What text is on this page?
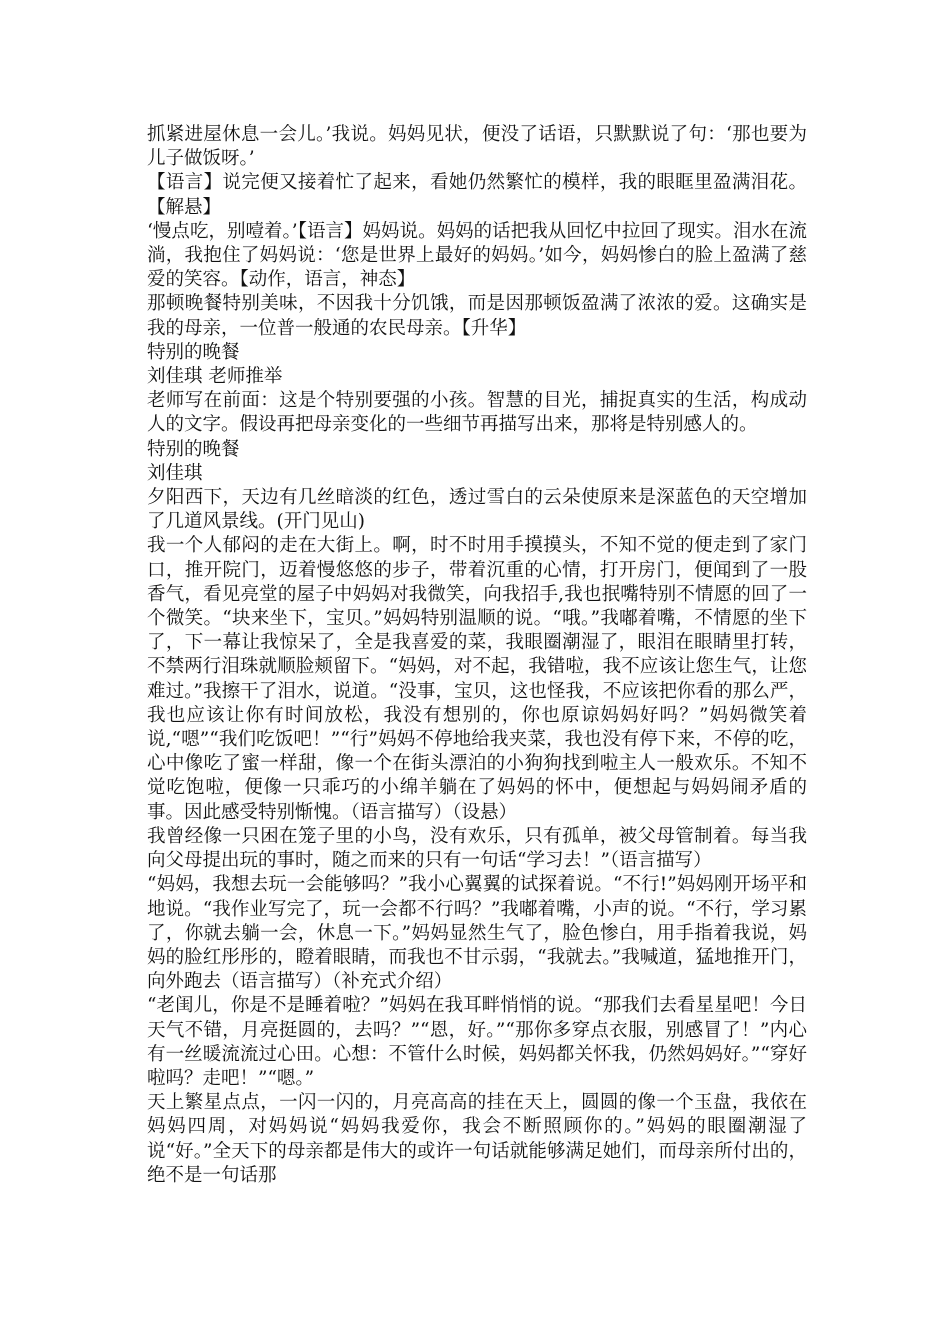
抓紧进屋休息一会儿。’我说。妈妈见状，便没了话语，只默默说了句：‘那也要为儿子做饭呀。’

【语言】说完便又接着忙了起来，看她仍然繁忙的模样，我的眼眶里盈满泪花。【解悬】

‘慢点吃，别噎着。’【语言】妈妈说。妈妈的话把我从回忆中拉回了现实。泪水在流淌，我抱住了妈妈说：‘您是世界上最好的妈妈。’如今，妈妈惨白的脸上盈满了慈爱的笑容。【动作，语言，神态】

那顿晚餐特别美味，不因我十分饥饿，而是因那顿饭盈满了浓浓的爱。这确实是我的母亲，一位普一般通的农民母亲。【升华】

特别的晚餐

刘佳琪 老师推举

老师写在前面：这是个特别要强的小孩。智慧的目光，捕捉真实的生活，构成动人的文字。假设再把母亲变化的一些细节再描写出来，那将是特别感人的。

特别的晚餐

刘佳琪

夕阳西下，天边有几丝暗淡的红色，透过雪白的云朵使原来是深蓝色的天空增加了几道风景线。(开门见山)

我一个人郁闷的走在大街上。啊，时不时用手摸摸头，不知不觉的便走到了家门口，推开院门，迈着慢悠悠的步子，带着沉重的心情，打开房门，便闻到了一股香气，看见亮堂的屋子中妈妈对我微笑，向我招手,我也抿嘴特别不情愿的回了一个微笑。“块来坐下，宝贝。”妈妈特别温顺的说。“哦。”我嘟着嘴，不情愿的坐下了，下一幕让我惊呆了，全是我喜爱的菜，我眼圈潮湿了，眼泪在眼睛里打转，不禁两行泪珠就顺脸颊留下。“妈妈，对不起，我错啦，我不应该让您生气，让您难过。”我擦干了泪水，说道。“没事，宝贝，这也怪我，不应该把你看的那么严，我也应该让你有时间放松，我没有想别的，你也原谅妈妈好吗？”妈妈微笑着说,“嗯”“我们吃饭吧！”“行”妈妈不停地给我夹菜，我也没有停下来，不停的吃，心中像吃了蜜一样甜，像一个在街头漂泊的小狗狗找到啦主人一般欢乐。不知不觉吃饱啦，便像一只乖巧的小绵羊躺在了妈妈的怀中，便想起与妈妈闹矛盾的事。因此感受特别惭愧。（语言描写）（设悬）

我曾经像一只困在笼子里的小鸟，没有欢乐，只有孤单，被父母管制着。每当我向父母提出玩的事时，随之而来的只有一句话“学习去！”（语言描写）

“妈妈，我想去玩一会能够吗？”我小心翼翼的试探着说。“不行!”妈妈刚开场平和地说。“我作业写完了，玩一会都不行吗？”我嘟着嘴，小声的说。“不行，学习累了，你就去躺一会，休息一下。”妈妈显然生气了，脸色惨白，用手指着我说，妈妈的脸红彤彤的，瞪着眼睛，而我也不甘示弱，“我就去。”我喊道，猛地推开门，向外跑去（语言描写）（补充式介绍）

“老闺儿，你是不是睡着啦？”妈妈在我耳畔悄悄的说。“那我们去看星星吧！今日天气不错，月亮挺圆的，去吗？”“恩，好。”“那你多穿点衣服，别感冒了！”内心有一丝暖流流过心田。心想：不管什么时候，妈妈都关怀我，仍然妈妈好。”“穿好啦吗？走吧！”“嗯。”

天上繁星点点，一闪一闪的，月亮高高的挂在天上，圆圆的像一个玉盘，我依在妈妈四周，对妈妈说“妈妈我爱你，我会不断照顾你的。”妈妈的眼圈潮湿了说“好。”全天下的母亲都是伟大的或许一句话就能够满足她们，而母亲所付出的，绝不是一句话那
